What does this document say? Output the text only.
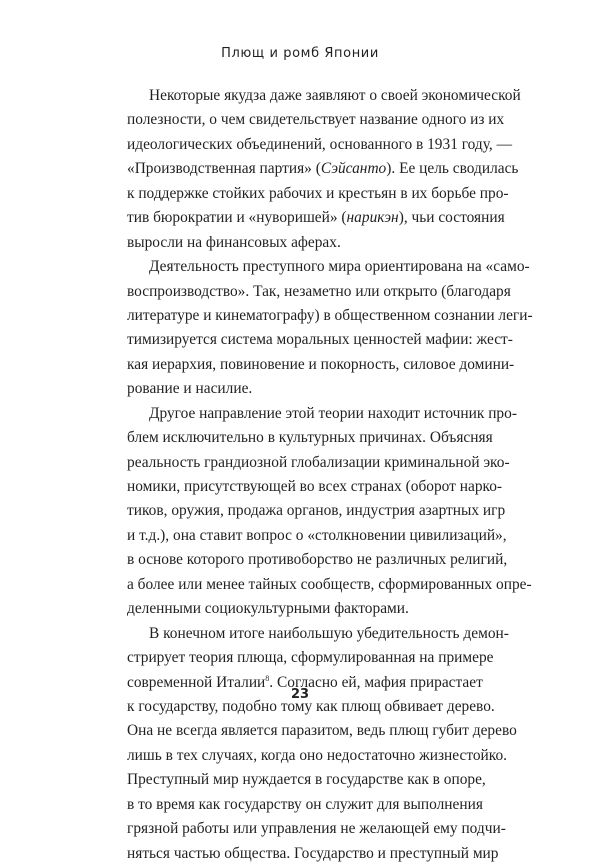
Плющ и ромб Японии
Некоторые якудза даже заявляют о своей экономической
полезности, о чем свидетельствует название одного из их
идеологических объединений, основанного в 1931 году, —
«Производственная партия» (Сэйсанто). Ее цель сводилась
к поддержке стойких рабочих и крестьян в их борьбе про-
тив бюрократии и «нуворишей» (нарикэн), чьи состояния
выросли на финансовых аферах.
Деятельность преступного мира ориентирована на «само-
воспроизводство». Так, незаметно или открыто (благодаря
литературе и кинематографу) в общественном сознании леги-
тимизируется система моральных ценностей мафии: жест-
кая иерархия, повиновение и покорность, силовое домини-
рование и насилие.
Другое направление этой теории находит источник про-
блем исключительно в культурных причинах. Объясняя
реальность грандиозной глобализации криминальной эко-
номики, присутствующей во всех странах (оборот нарко-
тиков, оружия, продажа органов, индустрия азартных игр
и т.д.), она ставит вопрос о «столкновении цивилизаций»,
в основе которого противоборство не различных религий,
а более или менее тайных сообществ, сформированных опре-
деленными социокультурными факторами.
В конечном итоге наибольшую убедительность демон-
стрирует теория плюща, сформулированная на примере
современной Италии$^8$. Согласно ей, мафия прирастает
к государству, подобно тому как плющ обвивает дерево.
Она не всегда является паразитом, ведь плющ губит дерево
лишь в тех случаях, когда оно недостаточно жизнестойко.
Преступный мир нуждается в государстве как в опоре,
в то время как государству он служит для выполнения
грязной работы или управления не желающей ему подчи-
няться частью общества. Государство и преступный мир
23
